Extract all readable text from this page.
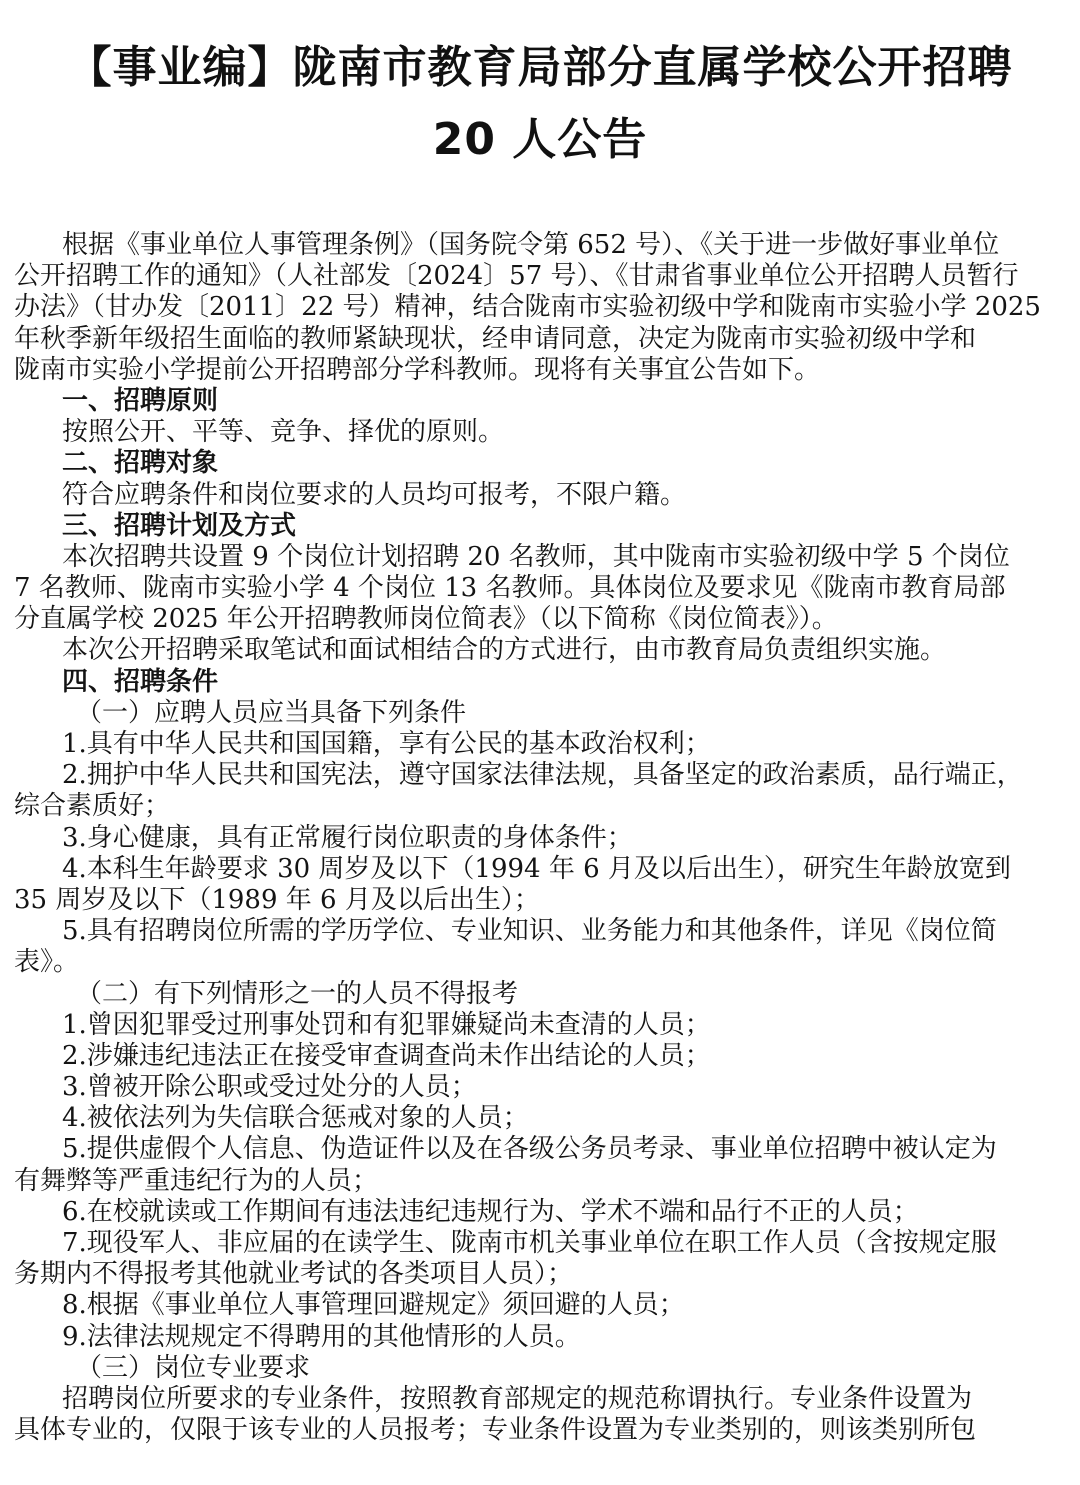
【事业编】陇南市教育局部分直属学校公开招聘
20 人公告
根据《事业单位人事管理条例》（国务院令第 652 号）、《关于进一步做好事业单位
公开招聘工作的通知》（人社部发〔2024〕57 号）、《甘肃省事业单位公开招聘人员暂行
办法》（甘办发〔2011〕22 号）精神，结合陇南市实验初级中学和陇南市实验小学 2025
年秋季新年级招生面临的教师紧缺现状，经申请同意，决定为陇南市实验初级中学和
陇南市实验小学提前公开招聘部分学科教师。现将有关事宜公告如下。
一、招聘原则
按照公开、平等、竞争、择优的原则。
二、招聘对象
符合应聘条件和岗位要求的人员均可报考，不限户籍。
三、招聘计划及方式
本次招聘共设置 9 个岗位计划招聘 20 名教师，其中陇南市实验初级中学 5 个岗位
7 名教师、陇南市实验小学 4 个岗位 13 名教师。具体岗位及要求见《陇南市教育局部
分直属学校 2025 年公开招聘教师岗位简表》（以下简称《岗位简表》）。
本次公开招聘采取笔试和面试相结合的方式进行，由市教育局负责组织实施。
四、招聘条件
（一）应聘人员应当具备下列条件
1.具有中华人民共和国国籍，享有公民的基本政治权利；
2.拥护中华人民共和国宪法，遵守国家法律法规，具备坚定的政治素质，品行端正，
综合素质好；
3.身心健康，具有正常履行岗位职责的身体条件；
4.本科生年龄要求 30 周岁及以下（1994 年 6 月及以后出生），研究生年龄放宽到
35 周岁及以下（1989 年 6 月及以后出生）；
5.具有招聘岗位所需的学历学位、专业知识、业务能力和其他条件，详见《岗位简
表》。
（二）有下列情形之一的人员不得报考
1.曾因犯罪受过刑事处罚和有犯罪嫌疑尚未查清的人员；
2.涉嫌违纪违法正在接受审查调查尚未作出结论的人员；
3.曾被开除公职或受过处分的人员；
4.被依法列为失信联合惩戒对象的人员；
5.提供虚假个人信息、伪造证件以及在各级公务员考录、事业单位招聘中被认定为
有舞弊等严重违纪行为的人员；
6.在校就读或工作期间有违法违纪违规行为、学术不端和品行不正的人员；
7.现役军人、非应届的在读学生、陇南市机关事业单位在职工作人员（含按规定服
务期内不得报考其他就业考试的各类项目人员）；
8.根据《事业单位人事管理回避规定》须回避的人员；
9.法律法规规定不得聘用的其他情形的人员。
（三）岗位专业要求
招聘岗位所要求的专业条件，按照教育部规定的规范称谓执行。专业条件设置为
具体专业的，仅限于该专业的人员报考；专业条件设置为专业类别的，则该类别所包
